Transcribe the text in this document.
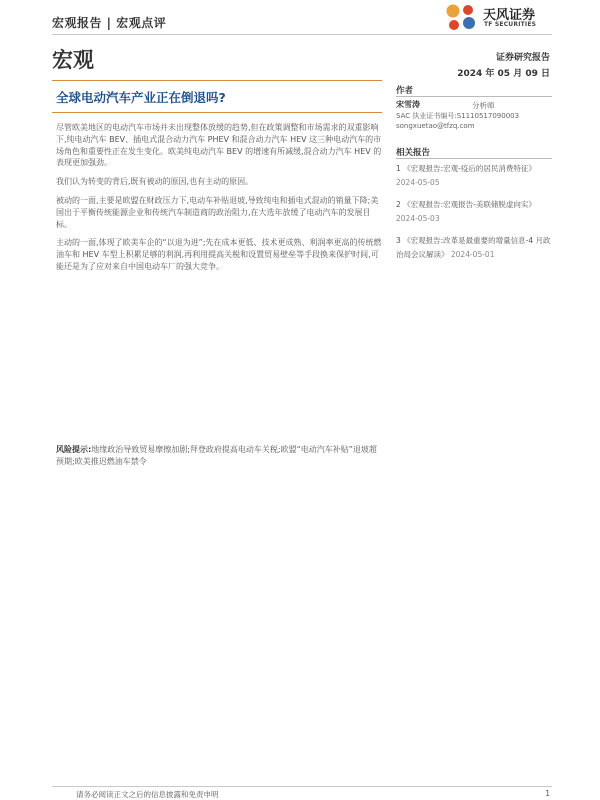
宏观报告 | 宏观点评	天风证券
TF SECURITIES
宏观	证券研究报告
2024 年 05 月 09 日
全球电动汽车产业正在倒退吗?

尽管欧美地区的电动汽车市场并未出现整体放缓的趋势,但在政策调整和市场需求的双重影响下,纯电动汽车 BEV、插电式混合动力汽车 PHEV 和混合动力汽车 HEV 这三种电动汽车的市场角色和重要性正在发生变化。欧美纯电动汽车 BEV 的增速有所减缓,混合动力汽车 HEV 的表现更加强劲。

我们认为转变的背后,既有被动的原因,也有主动的原因。

被动的一面,主要是欧盟在财政压力下,电动车补贴退坡,导致纯电和插电式混动的销量下降;美国出于平衡传统能源企业和传统汽车制造商的政治阻力,在大选年放缓了电动汽车的发展目标。

主动的一面,体现了欧美车企的“以退为进”;先在成本更低、技术更成熟、利润率更高的传统燃油车和 HEV 车型上积累足够的利润,再利用提高关税和设置贸易壁垒等手段换来保护时间,可能还是为了应对来自中国电动车厂的强大竞争。

风险提示:地缘政治导致贸易摩擦加剧;拜登政府提高电动车关税;欧盟“电动汽车补贴”退坡超预期;欧美推迟燃油车禁令
作者
宋雪涛	分析师
SAC 执业证书编号:S1110517090003
songxuetao@tfzq.com
相关报告
1 《宏观报告:宏观-疫后的居民消费特征》 2024-05-05
2 《宏观报告:宏观报告-美联储脱虚向实》 2024-05-03
3 《宏观报告:改革是最重要的增量信息-4 月政治局会议解读》 2024-05-01
请务必阅读正文之后的信息披露和免责申明	1
